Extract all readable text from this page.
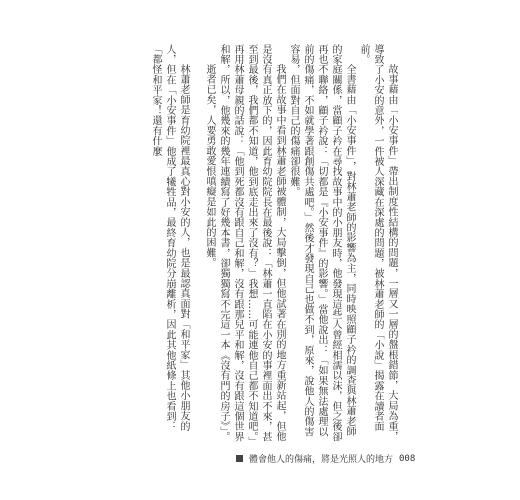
故事藉由「小安事件」帶出制度性結構的問題，一層又一層的盤根錯節，大局為重，導致了小安的意外，一件被人深藏在深處的問題，被林蕭老師的「小說」揭露在讀者面前。

全書藉由「小安事件」，對林蕭老師的影響為主，同時映照顧子衿的調查與林蕭老師的家庭關係，當顧子衿在尋找故事中的小朋友時，他發現這些人曾經相濡以沫，但之後卻再也不聯絡，顧子衿說：「切都是『小安事件』的影響。」當他說出：「如果無法處理以前的傷痛，不如就學著跟創傷共處吧。」然後才發現自己也做不到，原來，說他人的傷害容易，但面對自己的傷痛卻很難。

我們在故事中看到林蕭老師被體制，大局擊倒，但他試著在別的地方重新站起，但他是沒有真正放下的，因此育幼院院長在最後說：「林蕭一直陷在小安的事裡面出不來，甚至到最後，我們都不知道，他到底走出來了沒有？」我想……可能連他自己都不知道吧。」再用林蕭母親的話說：「他到死都沒有跟自己和解，沒有跟那兒平和解，沒有跟這個世界和解，所以，他幾來的幾年連續寫了好幾本書，卻獨獨寫不完這一本《沒有門的房子》」。

逝者已矣，人要勇敢愛恨嗔癡是如此的困難。

林蕭老師是育幼院裡最真心對小安的人，也是最認真面對「和平家」其他小朋友的人，但在「小安事件」他成了犧牲品，最終育幼院分崩離析，因此其他紙條上也看到：「都怪和平家！還有什麼

體會他人的傷痛，將是光照人的地方 008
